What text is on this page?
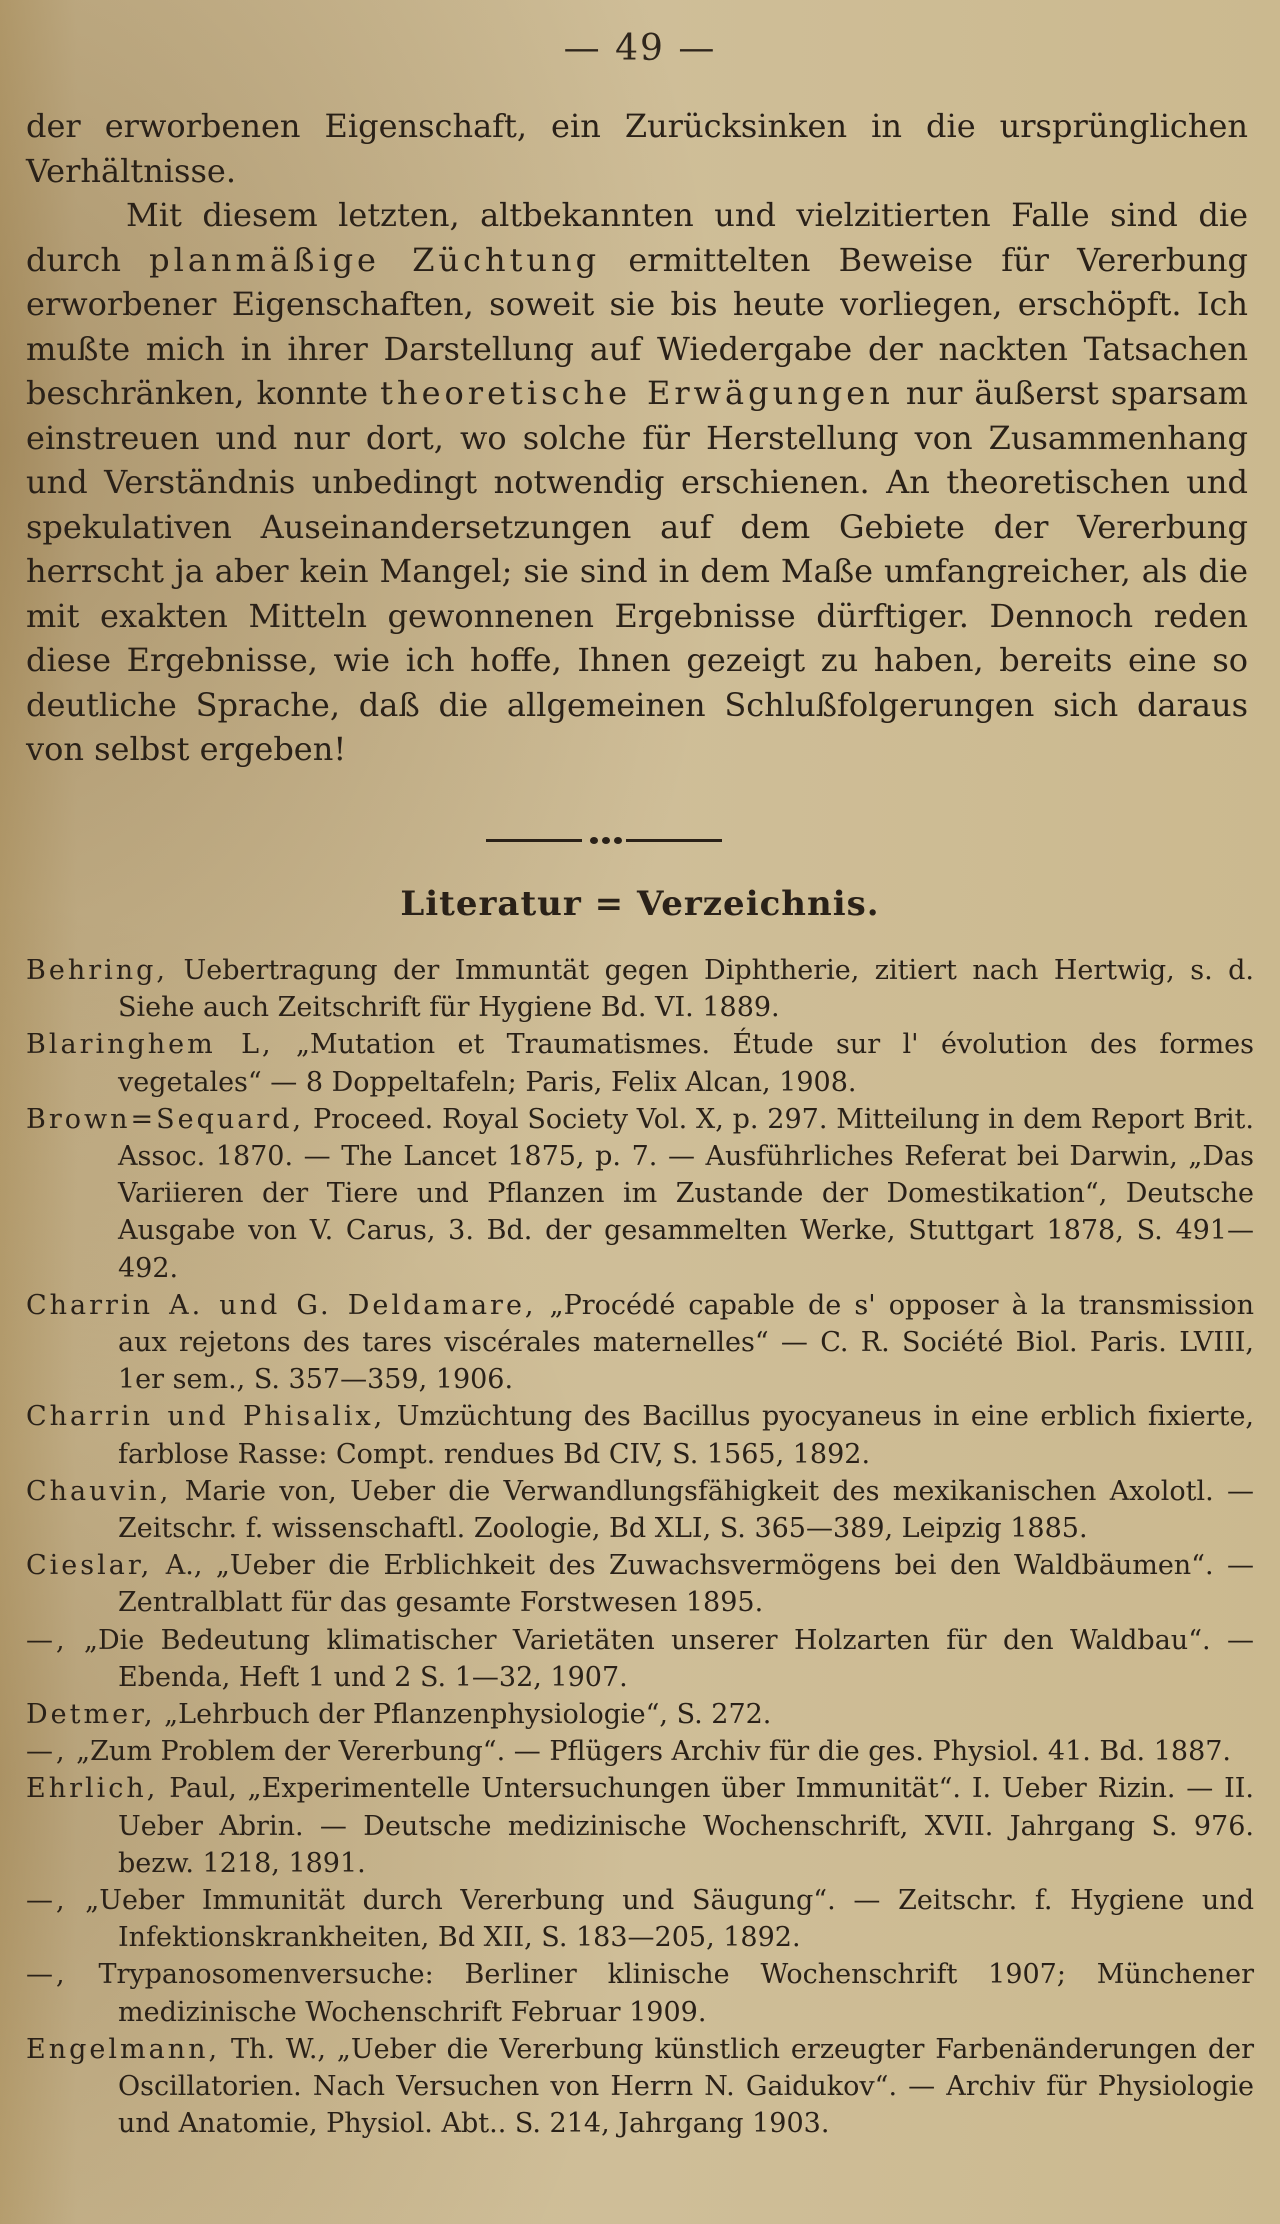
— 49 —

der erworbenen Eigenschaft, ein Zurücksinken in die ursprünglichen Verhältnisse.

Mit diesem letzten, altbekannten und vielzitierten Falle sind die durch planmäßige Züchtung ermittelten Beweise für Vererbung erworbener Eigenschaften, soweit sie bis heute vorliegen, erschöpft. Ich mußte mich in ihrer Darstellung auf Wiedergabe der nackten Tatsachen beschränken, konnte theoretische Erwägungen nur äußerst sparsam einstreuen und nur dort, wo solche für Herstellung von Zusammenhang und Verständnis unbedingt notwendig erschienen. An theoretischen und spekulativen Auseinandersetzungen auf dem Gebiete der Vererbung herrscht ja aber kein Mangel; sie sind in dem Maße umfangreicher, als die mit exakten Mitteln gewonnenen Ergebnisse dürftiger. Dennoch reden diese Ergebnisse, wie ich hoffe, Ihnen gezeigt zu haben, bereits eine so deutliche Sprache, daß die allgemeinen Schlußfolgerungen sich daraus von selbst ergeben!

Literatur = Verzeichnis.

Behring, Uebertragung der Immuntät gegen Diphtherie, zitiert nach Hertwig, s. d. Siehe auch Zeitschrift für Hygiene Bd. VI. 1889.

Blaringhem L, „Mutation et Traumatismes. Étude sur l' évolution des formes vegetales“ — 8 Doppeltafeln; Paris, Felix Alcan, 1908.

Brown=Sequard, Proceed. Royal Society Vol. X, p. 297. Mitteilung in dem Report Brit. Assoc. 1870. — The Lancet 1875, p. 7. — Ausführliches Referat bei Darwin, „Das Variieren der Tiere und Pflanzen im Zustande der Domestikation“, Deutsche Ausgabe von V. Carus, 3. Bd. der gesammelten Werke, Stuttgart 1878, S. 491—492.

Charrin A. und G. Deldamare, „Procédé capable de s' opposer à la transmission aux rejetons des tares viscérales maternelles“ — C. R. Société Biol. Paris. LVIII, 1er sem., S. 357—359, 1906.

Charrin und Phisalix, Umzüchtung des Bacillus pyocyaneus in eine erblich fixierte, farblose Rasse: Compt. rendues Bd CIV, S. 1565, 1892.

Chauvin, Marie von, Ueber die Verwandlungsfähigkeit des mexikanischen Axolotl. — Zeitschr. f. wissenschaftl. Zoologie, Bd XLI, S. 365—389, Leipzig 1885.

Cieslar, A., „Ueber die Erblichkeit des Zuwachsvermögens bei den Waldbäumen“. — Zentralblatt für das gesamte Forstwesen 1895.

—, „Die Bedeutung klimatischer Varietäten unserer Holzarten für den Waldbau“. — Ebenda, Heft 1 und 2 S. 1—32, 1907.

Detmer, „Lehrbuch der Pflanzenphysiologie“, S. 272.

—, „Zum Problem der Vererbung“. — Pflügers Archiv für die ges. Physiol. 41. Bd. 1887.

Ehrlich, Paul, „Experimentelle Untersuchungen über Immunität“. I. Ueber Rizin. — II. Ueber Abrin. — Deutsche medizinische Wochenschrift, XVII. Jahrgang S. 976. bezw. 1218, 1891.

—, „Ueber Immunität durch Vererbung und Säugung“. — Zeitschr. f. Hygiene und Infektionskrankheiten, Bd XII, S. 183—205, 1892.

—, Trypanosomenversuche: Berliner klinische Wochenschrift 1907; Münchener medizinische Wochenschrift Februar 1909.

Engelmann, Th. W., „Ueber die Vererbung künstlich erzeugter Farbenänderungen der Oscillatorien. Nach Versuchen von Herrn N. Gaidukov“. — Archiv für Physiologie und Anatomie, Physiol. Abt.. S. 214, Jahrgang 1903.
